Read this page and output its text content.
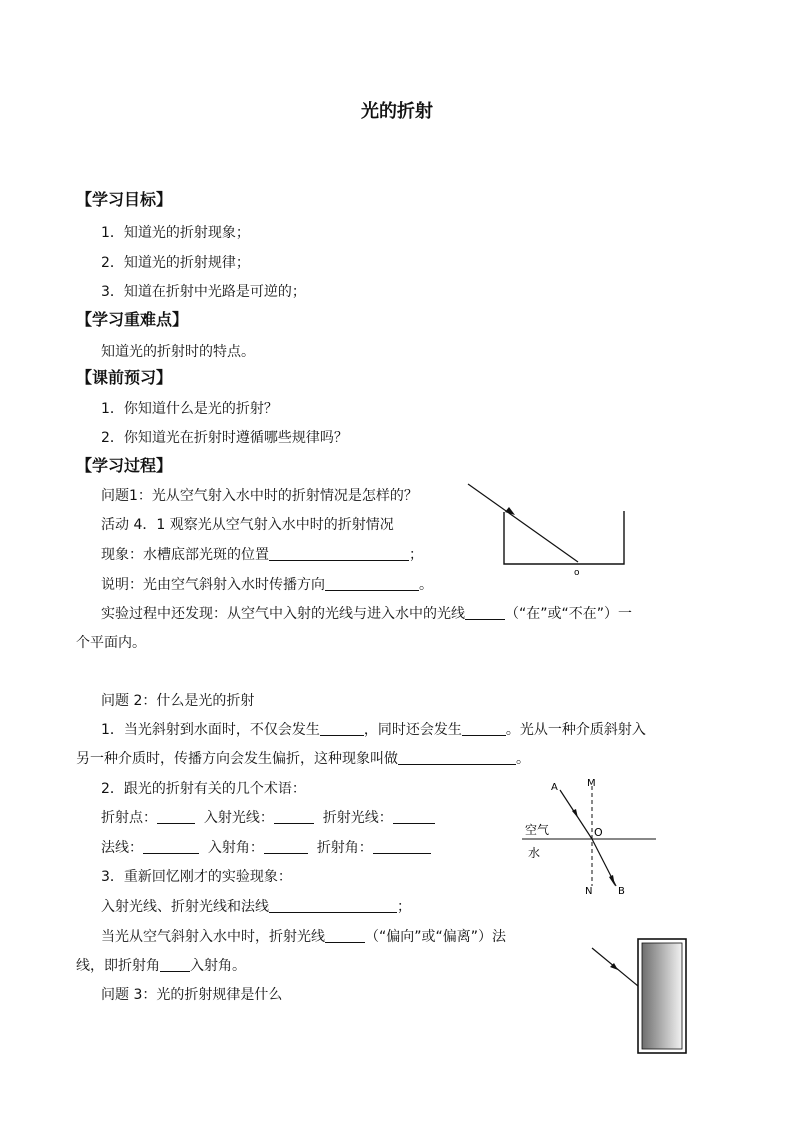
光的折射
【学习目标】
1．知道光的折射现象；
2．知道光的折射规律；
3．知道在折射中光路是可逆的；
【学习重难点】
知道光的折射时的特点。
【课前预习】
1．你知道什么是光的折射？
2．你知道光在折射时遵循哪些规律吗？
【学习过程】
问题1：光从空气射入水中时的折射情况是怎样的？
活动 4．1 观察光从空气射入水中时的折射情况
现象：水槽底部光斑的位置	；
说明：光由空气斜射入水时传播方向	。
实验过程中还发现：从空气中入射的光线与进入水中的光线	（“在”或“不在”）一
个平面内。
问题 2：什么是光的折射
1．当光斜射到水面时，不仅会发生	，同时还会发生	。光从一种介质斜射入
另一种介质时，传播方向会发生偏折，这种现象叫做	。
2．跟光的折射有关的几个术语：
折射点：	入射光线：	折射光线：
法线：	入射角：	折射角：
3．重新回忆刚才的实验现象：
入射光线、折射光线和法线	；
当光从空气斜射入水中时，折射光线	（“偏向”或“偏离”）法
线，即折射角 入射角。
问题 3：光的折射规律是什么
o
A	M
O
N	B
空气
水
